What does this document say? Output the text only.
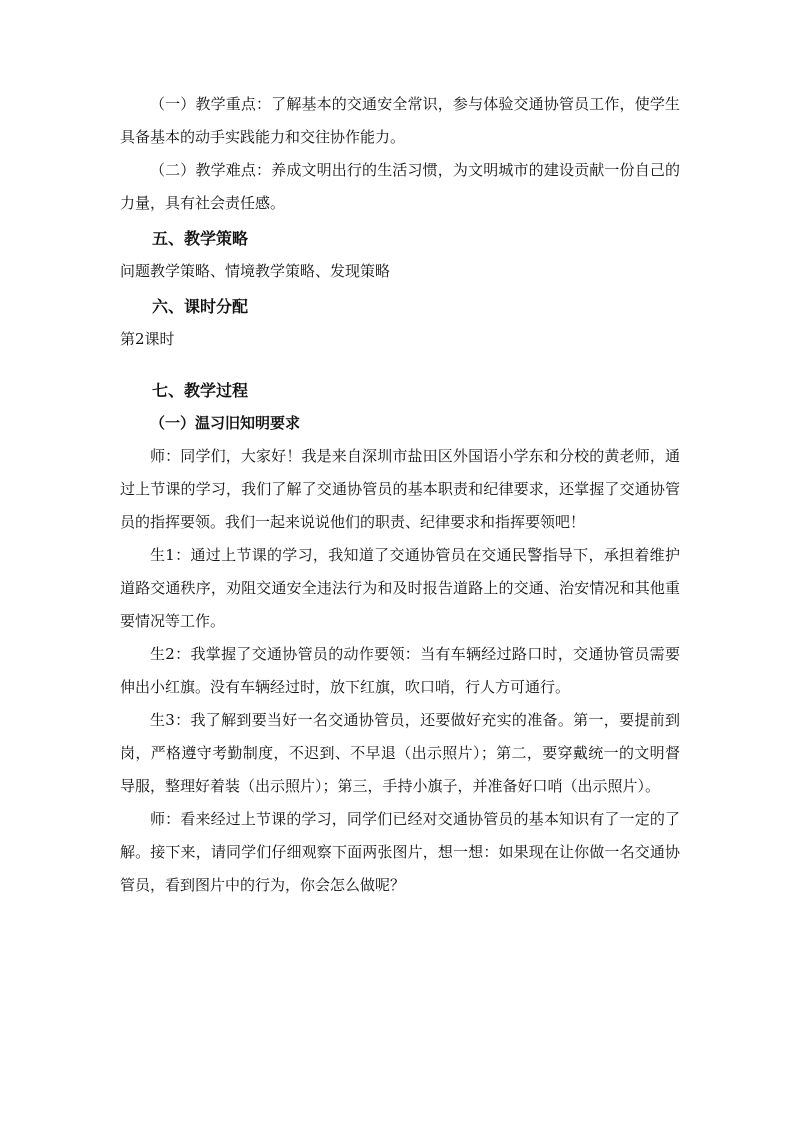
（一）教学重点：了解基本的交通安全常识，参与体验交通协管员工作，使学生具备基本的动手实践能力和交往协作能力。

（二）教学难点：养成文明出行的生活习惯，为文明城市的建设贡献一份自己的力量，具有社会责任感。

五、教学策略

问题教学策略、情境教学策略、发现策略

六、课时分配

第2课时

七、教学过程
（一）温习旧知明要求

师：同学们，大家好！我是来自深圳市盐田区外国语小学东和分校的黄老师，通过上节课的学习，我们了解了交通协管员的基本职责和纪律要求，还掌握了交通协管员的指挥要领。我们一起来说说他们的职责、纪律要求和指挥要领吧！

生1：通过上节课的学习，我知道了交通协管员在交通民警指导下，承担着维护道路交通秩序，劝阻交通安全违法行为和及时报告道路上的交通、治安情况和其他重要情况等工作。

生2：我掌握了交通协管员的动作要领：当有车辆经过路口时，交通协管员需要伸出小红旗。没有车辆经过时，放下红旗，吹口哨，行人方可通行。

生3：我了解到要当好一名交通协管员，还要做好充实的准备。第一，要提前到岗，严格遵守考勤制度，不迟到、不早退（出示照片）；第二，要穿戴统一的文明督导服，整理好着装（出示照片）；第三，手持小旗子，并准备好口哨（出示照片）。

师：看来经过上节课的学习，同学们已经对交通协管员的基本知识有了一定的了解。接下来，请同学们仔细观察下面两张图片，想一想：如果现在让你做一名交通协管员，看到图片中的行为，你会怎么做呢？
